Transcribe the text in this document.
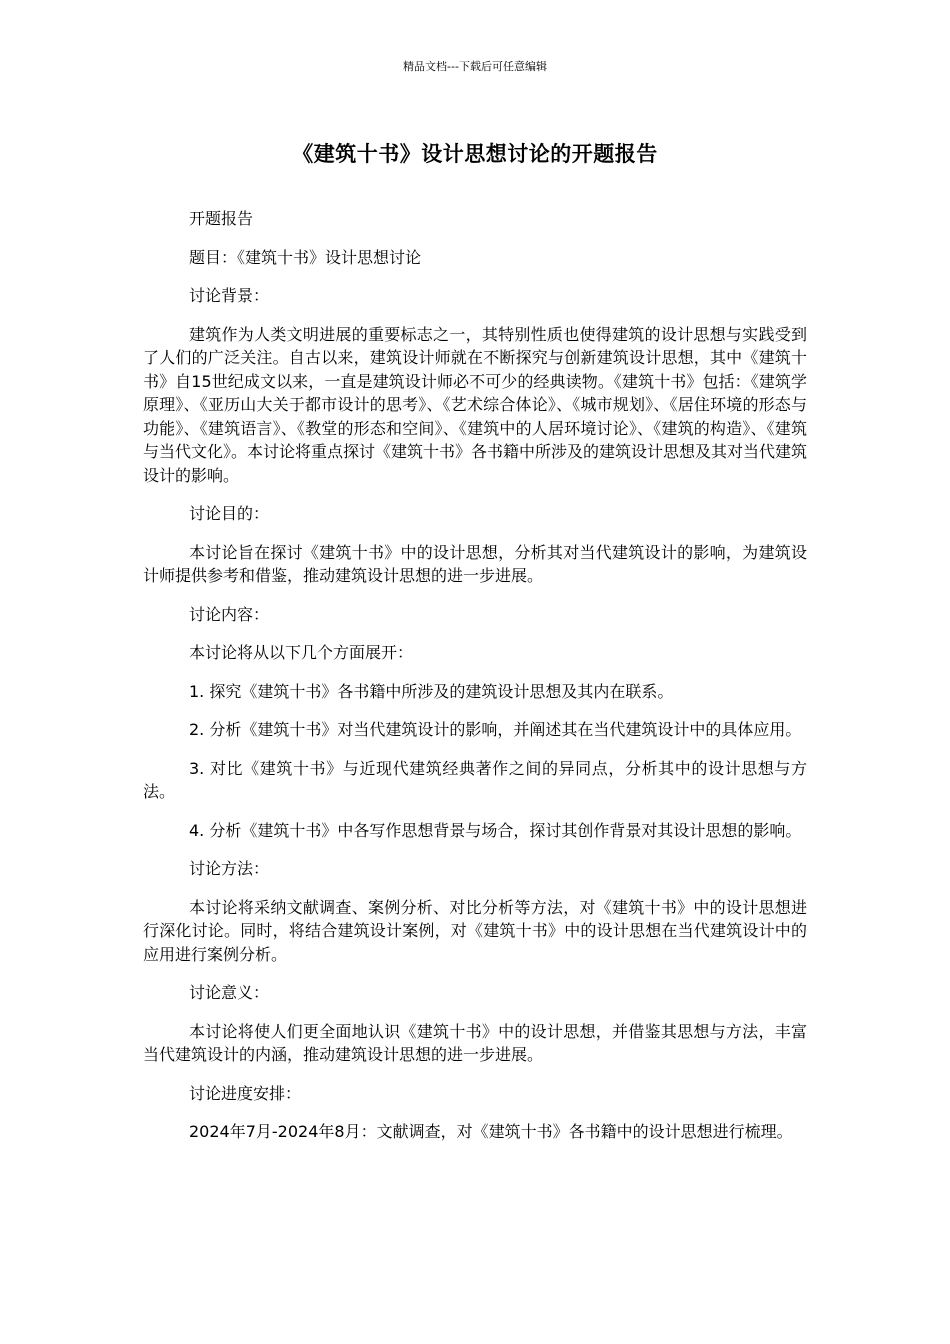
精品文档---下载后可任意编辑
《建筑十书》设计思想讨论的开题报告

开题报告

题目：《建筑十书》设计思想讨论

讨论背景：

建筑作为人类文明进展的重要标志之一，其特别性质也使得建筑的设计思想与实践受到了人们的广泛关注。自古以来，建筑设计师就在不断探究与创新建筑设计思想，其中《建筑十书》自15世纪成文以来，一直是建筑设计师必不可少的经典读物。《建筑十书》包括：《建筑学原理》、《亚历山大关于都市设计的思考》、《艺术综合体论》、《城市规划》、《居住环境的形态与功能》、《建筑语言》、《教堂的形态和空间》、《建筑中的人居环境讨论》、《建筑的构造》、《建筑与当代文化》。本讨论将重点探讨《建筑十书》各书籍中所涉及的建筑设计思想及其对当代建筑设计的影响。

讨论目的：

本讨论旨在探讨《建筑十书》中的设计思想，分析其对当代建筑设计的影响，为建筑设计师提供参考和借鉴，推动建筑设计思想的进一步进展。

讨论内容：

本讨论将从以下几个方面展开：

1. 探究《建筑十书》各书籍中所涉及的建筑设计思想及其内在联系。

2. 分析《建筑十书》对当代建筑设计的影响，并阐述其在当代建筑设计中的具体应用。

3. 对比《建筑十书》与近现代建筑经典著作之间的异同点，分析其中的设计思想与方法。

4. 分析《建筑十书》中各写作思想背景与场合，探讨其创作背景对其设计思想的影响。

讨论方法：

本讨论将采纳文献调查、案例分析、对比分析等方法，对《建筑十书》中的设计思想进行深化讨论。同时，将结合建筑设计案例，对《建筑十书》中的设计思想在当代建筑设计中的应用进行案例分析。

讨论意义：

本讨论将使人们更全面地认识《建筑十书》中的设计思想，并借鉴其思想与方法，丰富当代建筑设计的内涵，推动建筑设计思想的进一步进展。

讨论进度安排：

2024年7月-2024年8月：文献调查，对《建筑十书》各书籍中的设计思想进行梳理。
